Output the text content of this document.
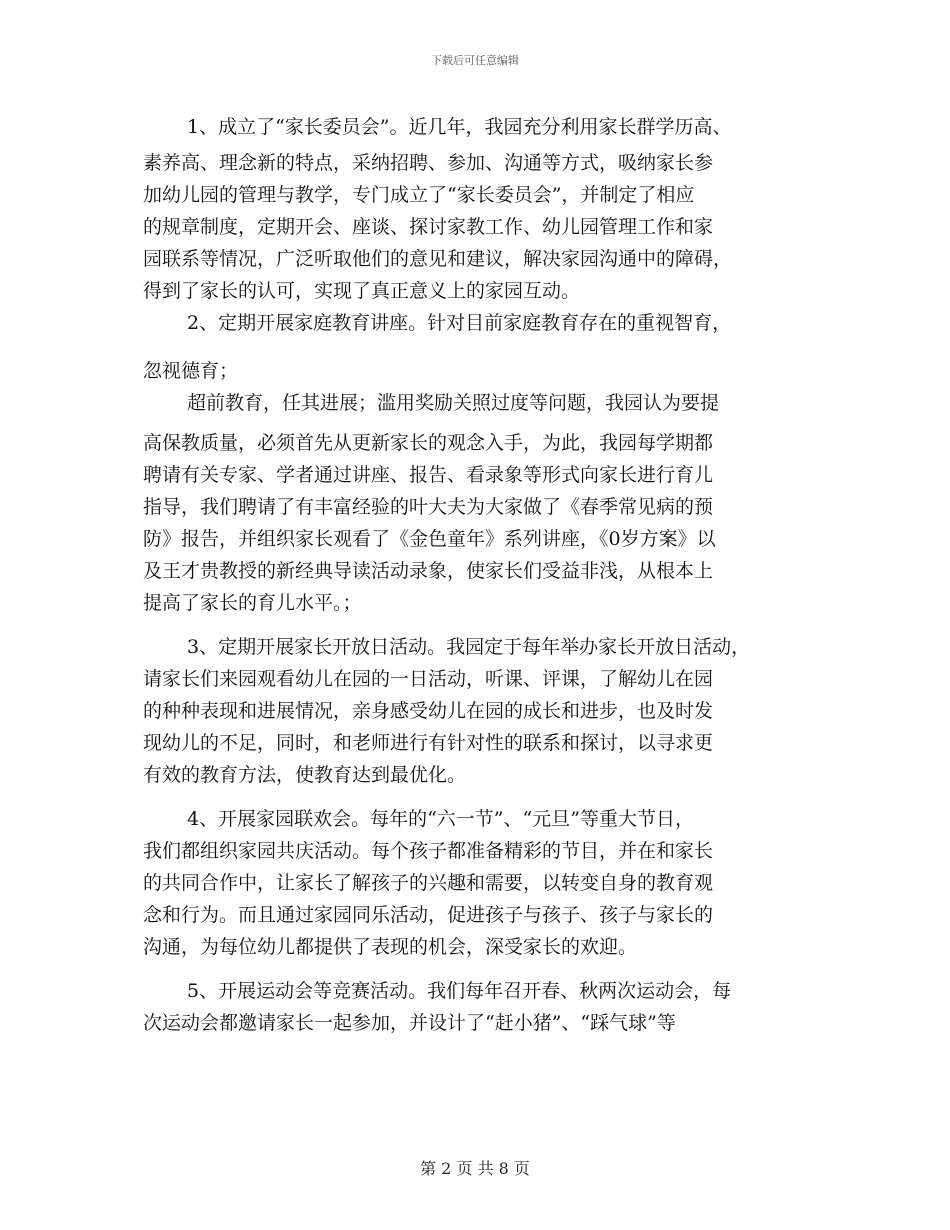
下载后可任意编辑
1、成立了“家长委员会”。近几年，我园充分利用家长群学历高、
素养高、理念新的特点，采纳招聘、参加、沟通等方式，吸纳家长参
加幼儿园的管理与教学，专门成立了“家长委员会”，并制定了相应
的规章制度，定期开会、座谈、探讨家教工作、幼儿园管理工作和家
园联系等情况，广泛听取他们的意见和建议，解决家园沟通中的障碍，
得到了家长的认可，实现了真正意义上的家园互动。
2、定期开展家庭教育讲座。针对目前家庭教育存在的重视智育，
忽视德育；
超前教育，任其进展；滥用奖励关照过度等问题，我园认为要提
高保教质量，必须首先从更新家长的观念入手，为此，我园每学期都
聘请有关专家、学者通过讲座、报告、看录象等形式向家长进行育儿
指导，我们聘请了有丰富经验的叶大夫为大家做了《春季常见病的预
防》报告，并组织家长观看了《金色童年》系列讲座，《0岁方案》以
及王才贵教授的新经典导读活动录象，使家长们受益非浅，从根本上
提高了家长的育儿水平。；
3、定期开展家长开放日活动。我园定于每年举办家长开放日活动，
请家长们来园观看幼儿在园的一日活动，听课、评课，了解幼儿在园
的种种表现和进展情况，亲身感受幼儿在园的成长和进步，也及时发
现幼儿的不足，同时，和老师进行有针对性的联系和探讨，以寻求更
有效的教育方法，使教育达到最优化。
4、开展家园联欢会。每年的“六一节”、“元旦”等重大节日，
我们都组织家园共庆活动。每个孩子都准备精彩的节目，并在和家长
的共同合作中，让家长了解孩子的兴趣和需要，以转变自身的教育观
念和行为。而且通过家园同乐活动，促进孩子与孩子、孩子与家长的
沟通，为每位幼儿都提供了表现的机会，深受家长的欢迎。
5、开展运动会等竞赛活动。我们每年召开春、秋两次运动会，每
次运动会都邀请家长一起参加，并设计了“赶小猪”、“踩气球”等
第 2 页 共 8 页
